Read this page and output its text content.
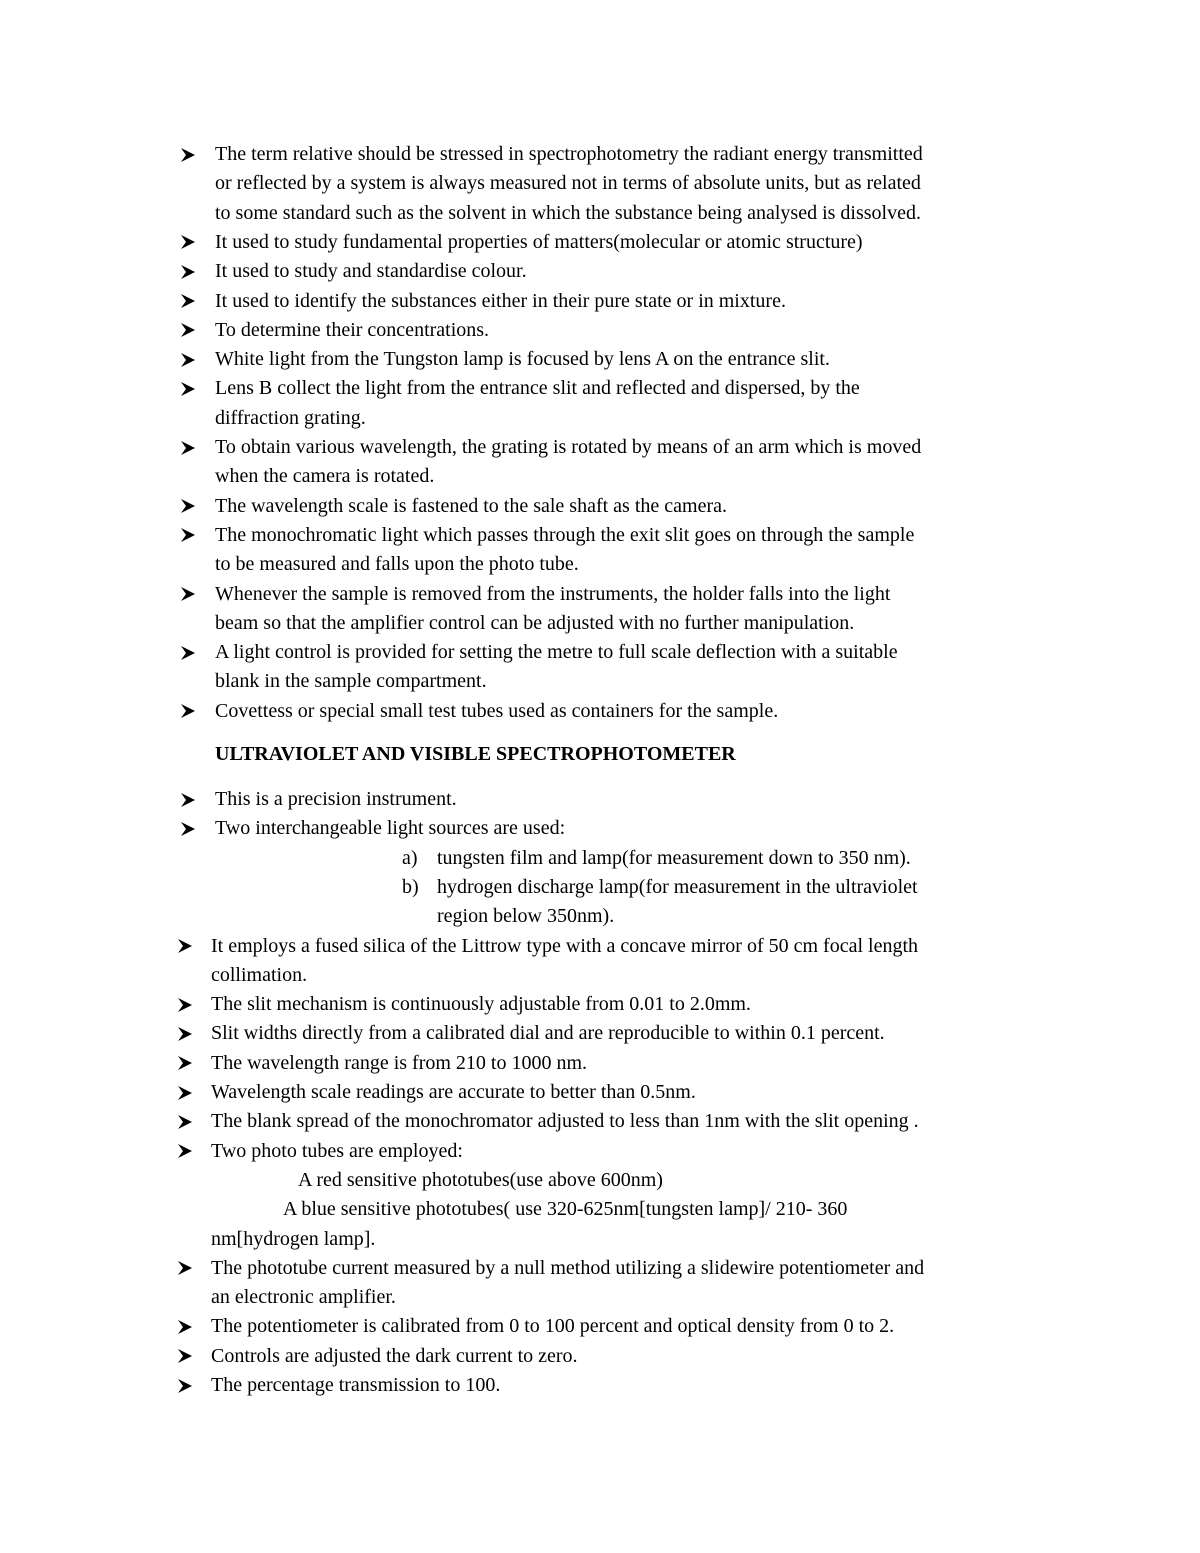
The term relative should be stressed in spectrophotometry the radiant energy transmitted
or reflected by a system is always measured not in terms of absolute units, but as related
to some standard such as the solvent in which the substance being analysed is dissolved.
It used to study fundamental properties of matters(molecular or atomic structure)
It used to study and standardise colour.
It used to identify the substances either in their pure state or in mixture.
To determine their concentrations.
White light from the Tungston lamp is focused by lens A on the entrance slit.
Lens B collect the light from the entrance slit and reflected and dispersed, by the
diffraction grating.
To obtain various wavelength, the grating is rotated by means of an arm which is moved
when the camera is rotated.
The wavelength scale is fastened to the sale shaft as the camera.
The monochromatic light which passes through the exit slit goes on through the sample
to be measured and falls upon the photo tube.
Whenever the sample is removed from the instruments, the holder falls into the light
beam so that the amplifier control can be adjusted with no further manipulation.
A light control is provided for setting the metre to full scale deflection with a suitable
blank in the sample compartment.
Covettess or special small test tubes used as containers for the sample.
ULTRAVIOLET AND VISIBLE SPECTROPHOTOMETER
This is a precision instrument.
Two interchangeable light sources are used:
a) tungsten film and lamp(for measurement down to 350 nm).
b) hydrogen discharge lamp(for measurement in the ultraviolet
region below 350nm).
It employs a fused silica of the Littrow type with a concave mirror of 50 cm focal length
collimation.
The slit mechanism is continuously adjustable from 0.01 to 2.0mm.
Slit widths directly from a calibrated dial and are reproducible to within 0.1 percent.
The wavelength range is from 210 to 1000 nm.
Wavelength scale readings are accurate to better than 0.5nm.
The blank spread of the monochromator adjusted to less than 1nm with the slit opening .
Two photo tubes are employed:
A red sensitive phototubes(use above 600nm)
A blue sensitive phototubes( use 320-625nm[tungsten lamp]/ 210- 360
nm[hydrogen lamp].
The phototube current measured by a null method utilizing a slidewire potentiometer and
an electronic amplifier.
The potentiometer is calibrated from 0 to 100 percent and optical density from 0 to 2.
Controls are adjusted the dark current to zero.
The percentage transmission to 100.
